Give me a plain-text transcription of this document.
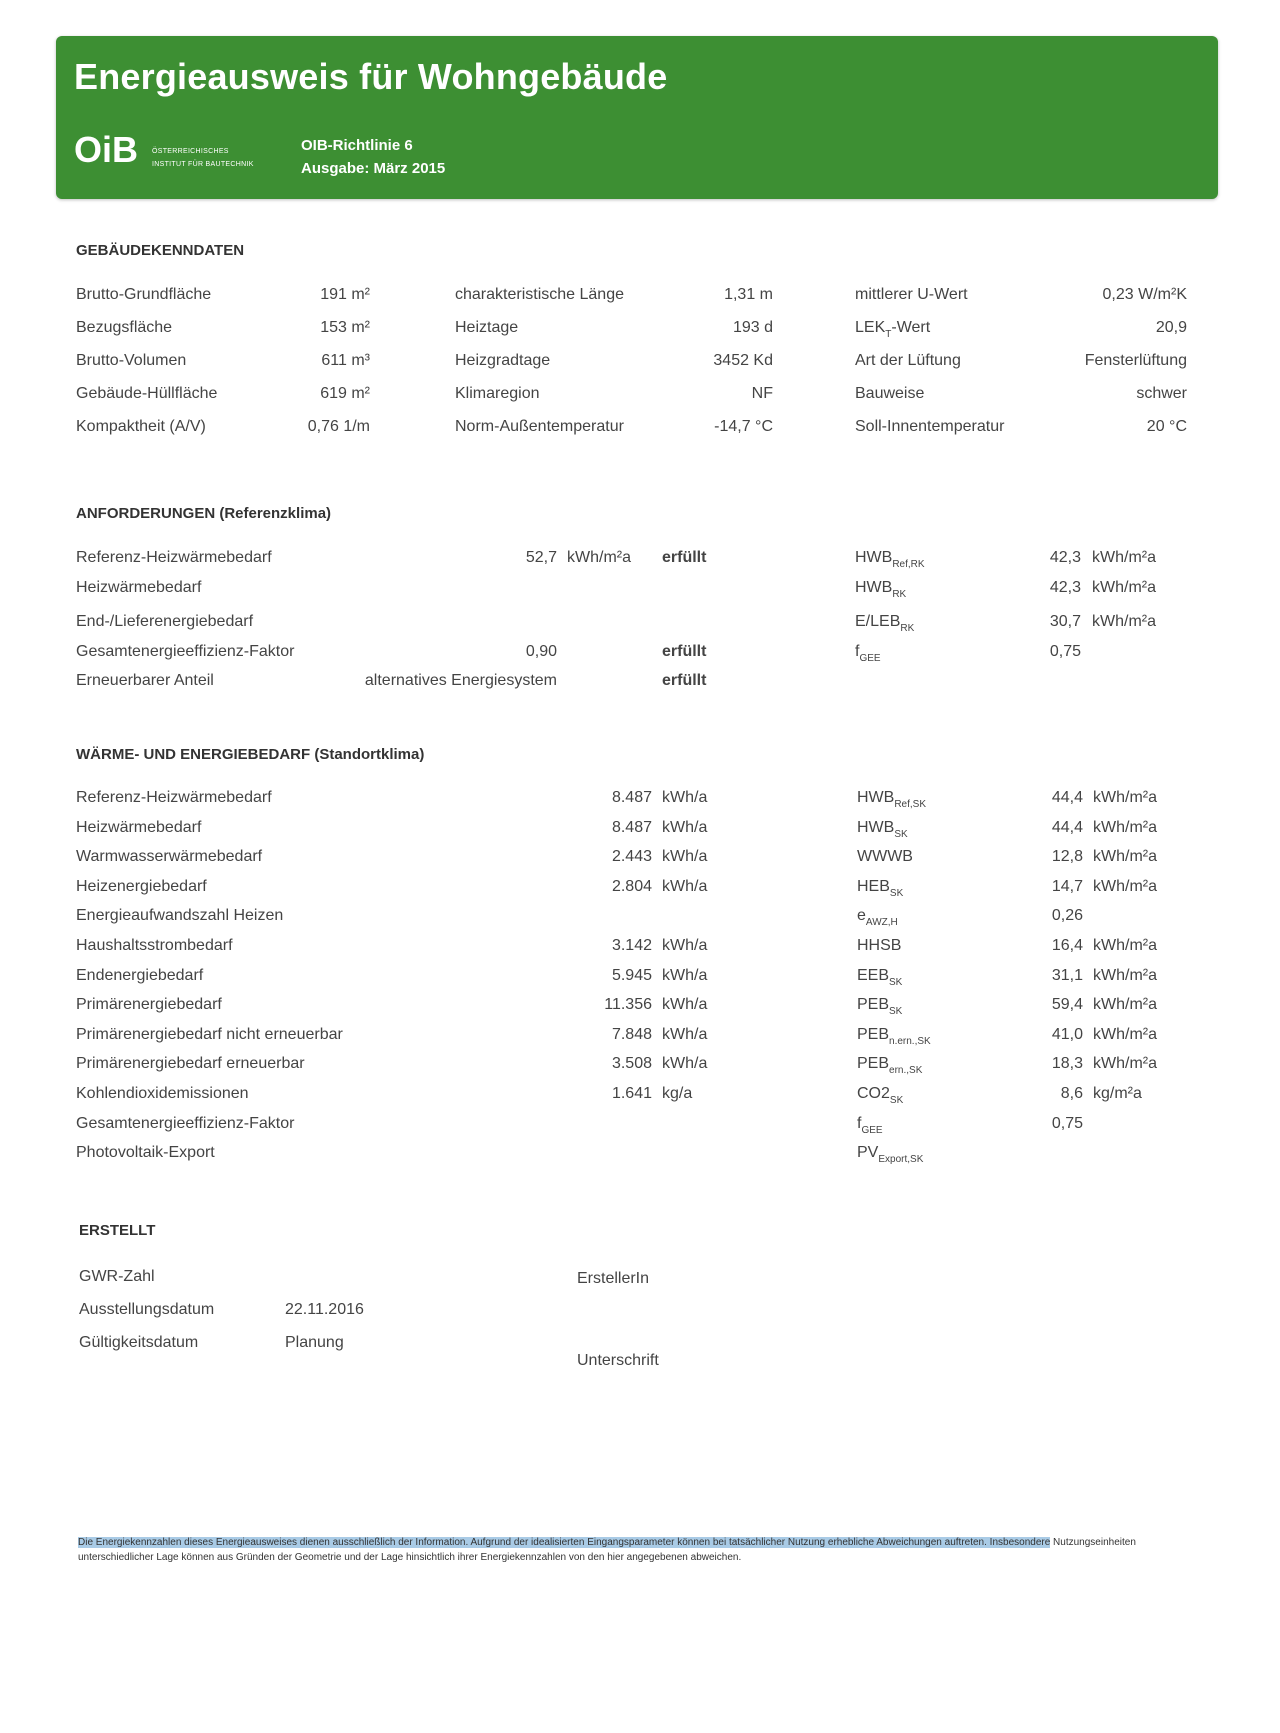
Energieausweis für Wohngebäude
OiB ÖSTERREICHISCHES
INSTITUT FÜR BAUTECHNIK
OIB-Richtlinie 6
Ausgabe: März 2015
GEBÄUDEKENNDATEN
Brutto-Grundfläche	191 m²
Bezugsfläche	153 m²
Brutto-Volumen	611 m³
Gebäude-Hüllfläche	619 m²
Kompaktheit (A/V)	0,76 1/m
charakteristische Länge	1,31 m
Heiztage	193 d
Heizgradtage	3452 Kd
Klimaregion	NF
Norm-Außentemperatur	-14,7 °C
mittlerer U-Wert	0,23 W/m²K
$LEK_T$-Wert	20,9
Art der Lüftung	Fensterlüftung
Bauweise	schwer
Soll-Innentemperatur	20 °C
ANFORDERUNGEN (Referenzklima)
Referenz-Heizwärmebedarf	52,7 kWh/m²a erfüllt	$HWB_{Ref,RK}$	42,3 kWh/m²a
Heizwärmebedarf	$HWB_{RK}$	42,3 kWh/m²a
End-/Lieferenergiebedarf	$E/LEB_{RK}$	30,7 kWh/m²a
Gesamtenergieeffizienz-Faktor	0,90	erfüllt	$f_{GEE}$	0,75
Erneuerbarer Anteil	alternatives Energiesystem	erfüllt
WÄRME- UND ENERGIEBEDARF (Standortklima)
Referenz-Heizwärmebedarf	8.487 kWh/a	$HWB_{Ref,SK}$	44,4 kWh/m²a
Heizwärmebedarf	8.487 kWh/a	$HWB_{SK}$	44,4 kWh/m²a
Warmwasserwärmebedarf	2.443 kWh/a	WWWB	12,8 kWh/m²a
Heizenergiebedarf	2.804 kWh/a	$HEB_{SK}$	14,7 kWh/m²a
Energieaufwandszahl Heizen	$e_{AWZ,H}$	0,26
Haushaltsstrombedarf	3.142 kWh/a	HHSB	16,4 kWh/m²a
Endenergiebedarf	5.945 kWh/a	$EEB_{SK}$	31,1 kWh/m²a
Primärenergiebedarf	11.356 kWh/a	$PEB_{SK}$	59,4 kWh/m²a
Primärenergiebedarf nicht erneuerbar	7.848 kWh/a	$PEB_{n.ern.,SK}$	41,0 kWh/m²a
Primärenergiebedarf erneuerbar	3.508 kWh/a	$PEB_{ern.,SK}$	18,3 kWh/m²a
Kohlendioxidemissionen	1.641 kg/a	$CO2_{SK}$	8,6 kg/m²a
Gesamtenergieeffizienz-Faktor	$f_{GEE}$	0,75
Photovoltaik-Export	$PV_{Export,SK}$
ERSTELLT
GWR-Zahl
Ausstellungsdatum	22.11.2016
Gültigkeitsdatum	Planung
ErstellerIn
Unterschrift
Die Energiekennzahlen dieses Energieausweises dienen ausschließlich der Information. Aufgrund der idealisierten Eingangsparameter können bei tatsächlicher Nutzung erhebliche Abweichungen auftreten. Insbesondere Nutzungseinheiten unterschiedlicher Lage können aus Gründen der Geometrie und der Lage hinsichtlich ihrer Energiekennzahlen von den hier angegebenen abweichen.
